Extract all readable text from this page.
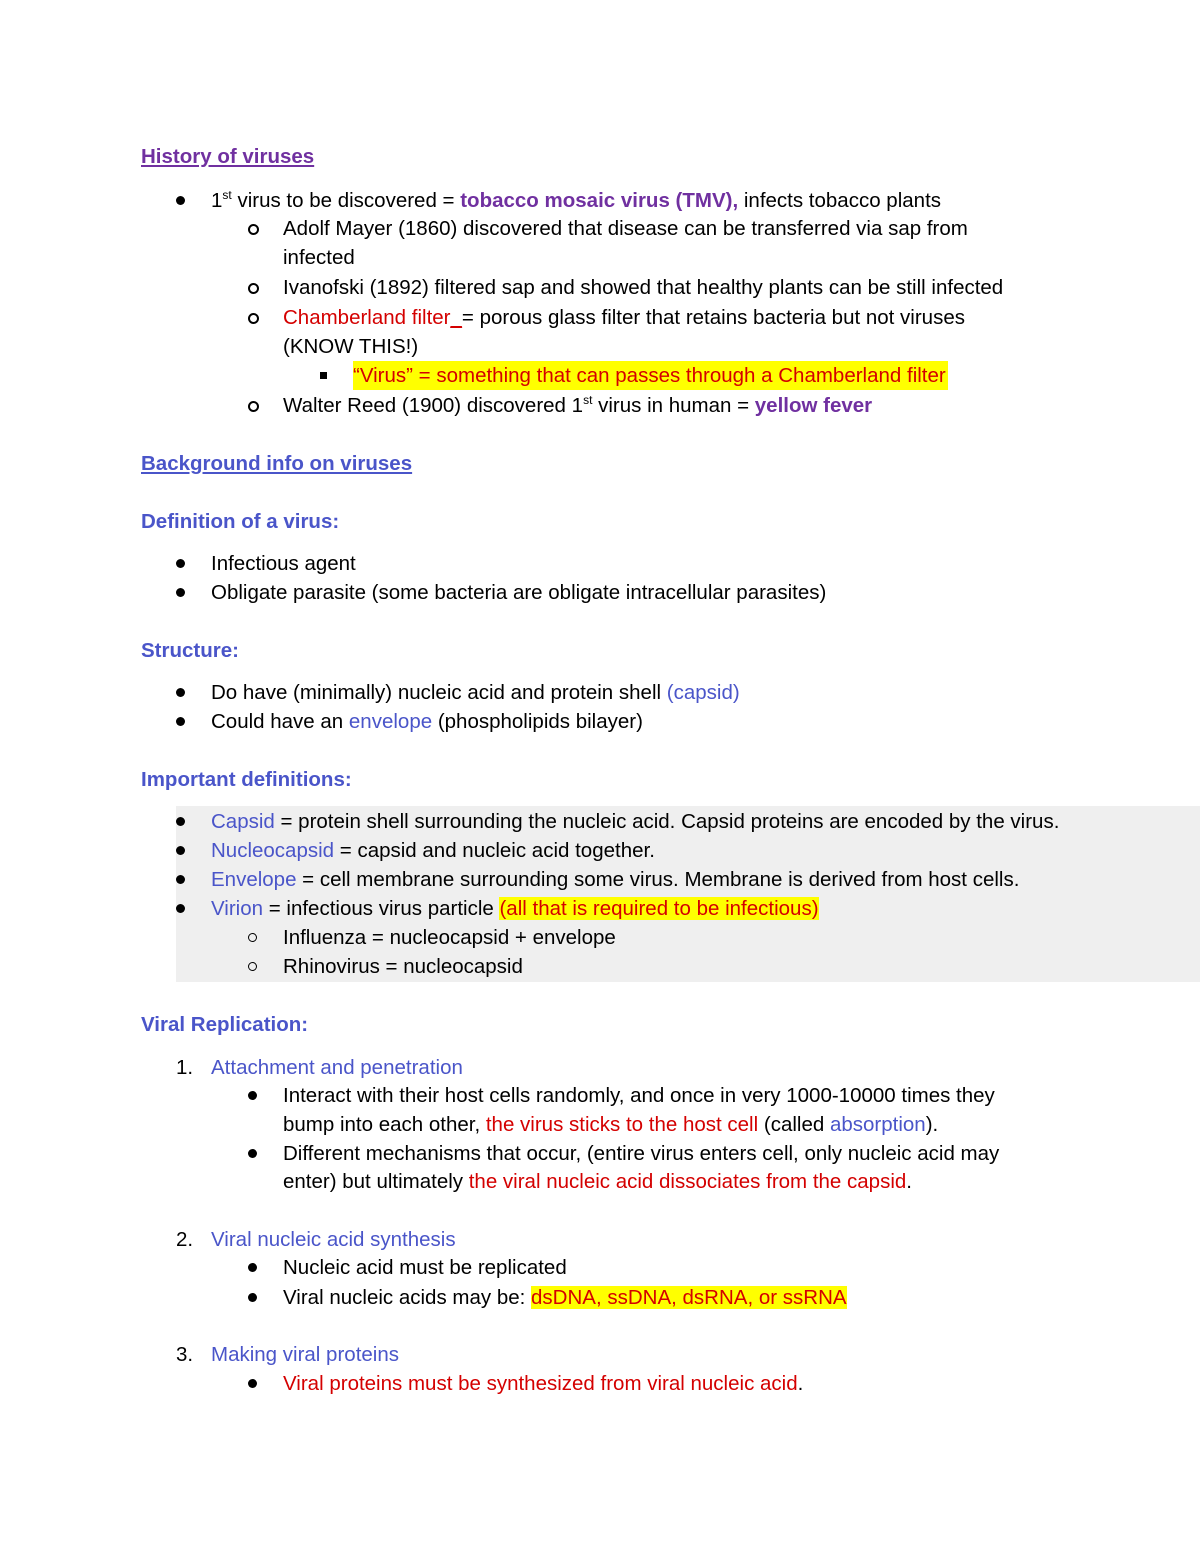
History of viruses
1st virus to be discovered = tobacco mosaic virus (TMV), infects tobacco plants
Adolf Mayer (1860) discovered that disease can be transferred via sap from
infected
Ivanofski (1892) filtered sap and showed that healthy plants can be still infected
Chamberland filter_= porous glass filter that retains bacteria but not viruses
(KNOW THIS!)
“Virus” = something that can passes through a Chamberland filter
Walter Reed (1900) discovered 1st virus in human = yellow fever
Background info on viruses
Definition of a virus:
Infectious agent
Obligate parasite (some bacteria are obligate intracellular parasites)
Structure:
Do have (minimally) nucleic acid and protein shell (capsid)
Could have an envelope (phospholipids bilayer)
Important definitions:
Capsid = protein shell surrounding the nucleic acid. Capsid proteins are encoded by the virus.
Nucleocapsid = capsid and nucleic acid together.
Envelope = cell membrane surrounding some virus. Membrane is derived from host cells.
Virion = infectious virus particle (all that is required to be infectious)
Influenza = nucleocapsid + envelope
Rhinovirus = nucleocapsid
Viral Replication:
1. Attachment and penetration
Interact with their host cells randomly, and once in very 1000-10000 times they
bump into each other, the virus sticks to the host cell (called absorption).
Different mechanisms that occur, (entire virus enters cell, only nucleic acid may
enter) but ultimately the viral nucleic acid dissociates from the capsid.
2. Viral nucleic acid synthesis
Nucleic acid must be replicated
Viral nucleic acids may be: dsDNA, ssDNA, dsRNA, or ssRNA
3. Making viral proteins
Viral proteins must be synthesized from viral nucleic acid.
